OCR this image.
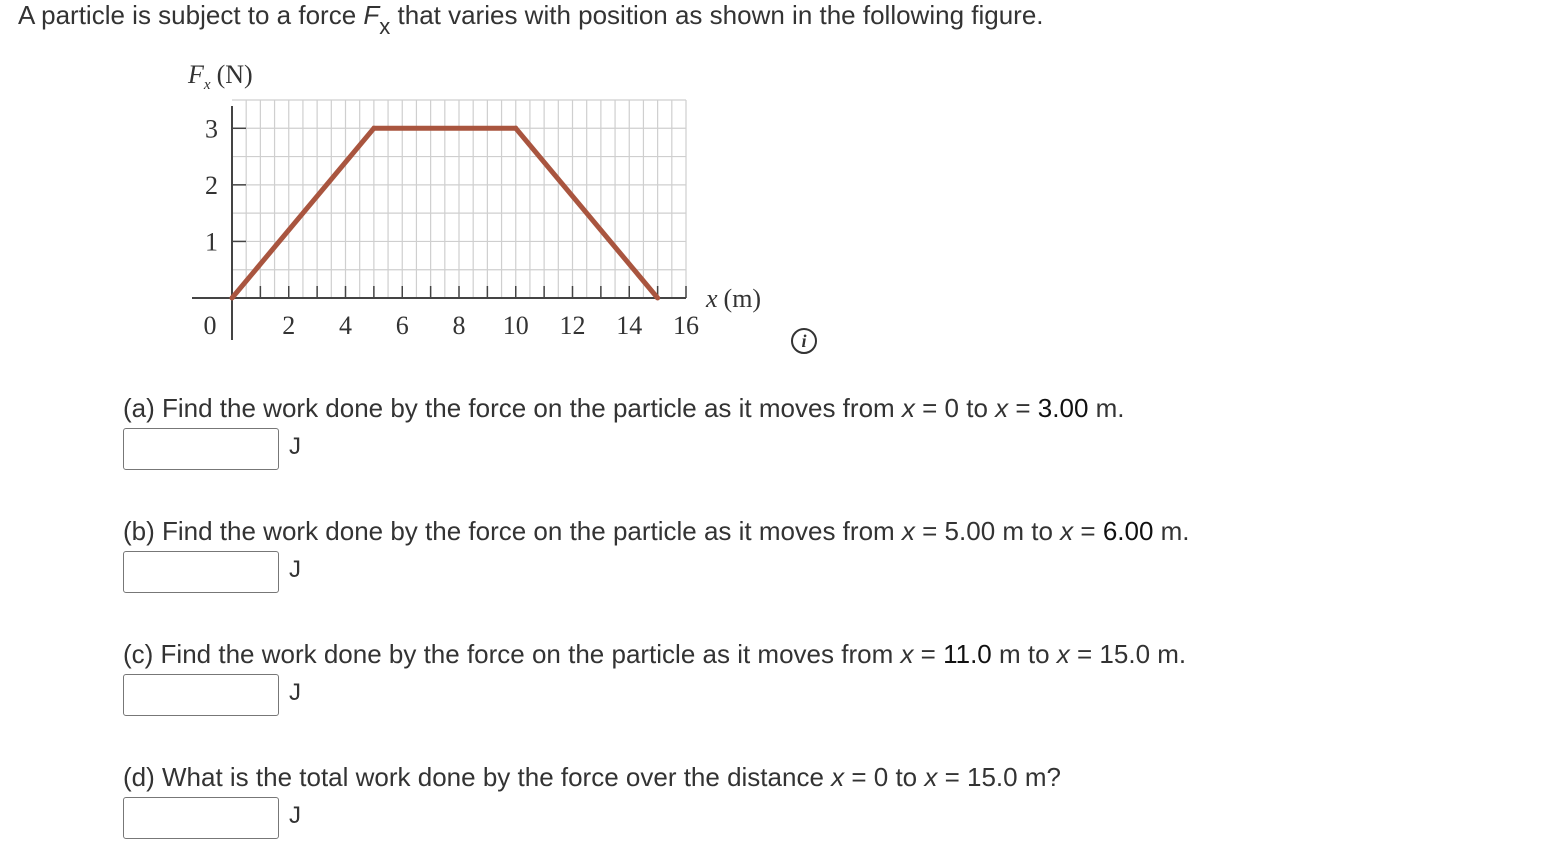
A particle is subject to a force $F_x$ that varies with position as shown in the following figure.
0	2 4 6 8 10 12 14 16
1
2
3
$F_x$ (N)
x (m)
i
(a) Find the work done by the force on the particle as it moves from x = 0 to x = 3.00 m.
J
(b) Find the work done by the force on the particle as it moves from x = 5.00 m to x = 6.00 m.
J
(c) Find the work done by the force on the particle as it moves from x = 11.0 m to x = 15.0 m.
J
(d) What is the total work done by the force over the distance x = 0 to x = 15.0 m?
J
